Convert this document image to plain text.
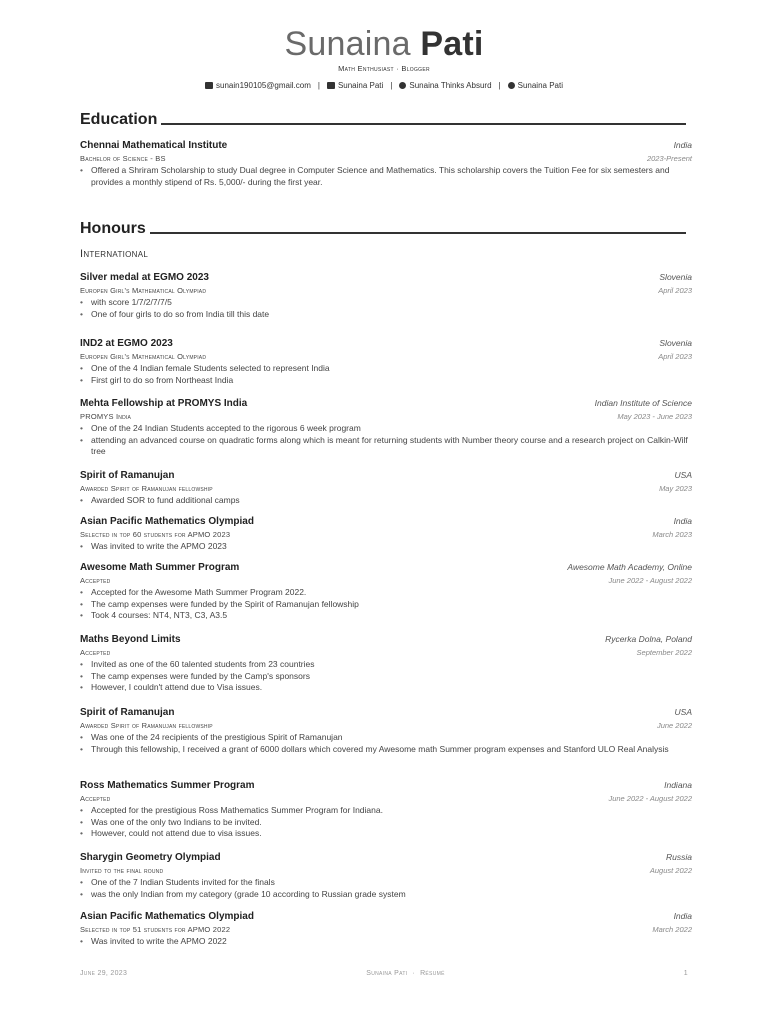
Sunaina Pati
Math Enthusiast · Blogger
sunain190105@gmail.com | Sunaina Pati | Sunaina Thinks Absurd | Sunaina Pati
Education
Chennai Mathematical Institute	India
Bachelor of Science - BS	2023-Present
• Offered a Shriram Scholarship to study Dual degree in Computer Science and Mathematics. This scholarship covers the Tuition Fee for six semesters and provides a monthly stipend of Rs. 5,000/- during the first year.
Honours
International
Silver medal at EGMO 2023	Slovenia
Europen Girl's Mathematical Olympiad	April 2023
• with score 1/7/2/7/7/5
• One of four girls to do so from India till this date
IND2 at EGMO 2023	Slovenia
Europen Girl's Mathematical Olympiad	April 2023
• One of the 4 Indian female Students selected to represent India
• First girl to do so from Northeast India
Mehta Fellowship at PROMYS India	Indian Institute of Science
PROMYS India	May 2023 - June 2023
• One of the 24 Indian Students accepted to the rigorous 6 week program
• attending an advanced course on quadratic forms along which is meant for returning students with Number theory course and a research project on Calkin-Wilf tree
Spirit of Ramanujan	USA
Awarded Spirit of Ramanujan fellowship	May 2023
• Awarded SOR to fund additional camps
Asian Pacific Mathematics Olympiad	India
Selected in top 60 students for APMO 2023	March 2023
• Was invited to write the APMO 2023
Awesome Math Summer Program	Awesome Math Academy, Online
Accepted	June 2022 - August 2022
• Accepted for the Awesome Math Summer Program 2022.
• The camp expenses were funded by the Spirit of Ramanujan fellowship
• Took 4 courses: NT4, NT3, C3, A3.5
Maths Beyond Limits	Rycerka Dolna, Poland
Accepted	September 2022
• Invited as one of the 60 talented students from 23 countries
• The camp expenses were funded by the Camp's sponsors
• However, I couldn't attend due to Visa issues.
Spirit of Ramanujan	USA
Awarded Spirit of Ramanujan fellowship	June 2022
• Was one of the 24 recipients of the prestigious Spirit of Ramanujan
• Through this fellowship, I received a grant of 6000 dollars which covered my Awesome math Summer program expenses and Stanford ULO Real Analysis
Ross Mathematics Summer Program	Indiana
Accepted	June 2022 - August 2022
• Accepted for the prestigious Ross Mathematics Summer Program for Indiana.
• Was one of the only two Indians to be invited.
• However, could not attend due to visa issues.
Sharygin Geometry Olympiad	Russia
Invited to the final round	August 2022
• One of the 7 Indian Students invited for the finals
• was the only Indian from my category (grade 10 according to Russian grade system
Asian Pacific Mathematics Olympiad	India
Selected in top 51 students for APMO 2022	March 2022
• Was invited to write the APMO 2022
June 29, 2023	Sunaina Pati · Résumé	1
